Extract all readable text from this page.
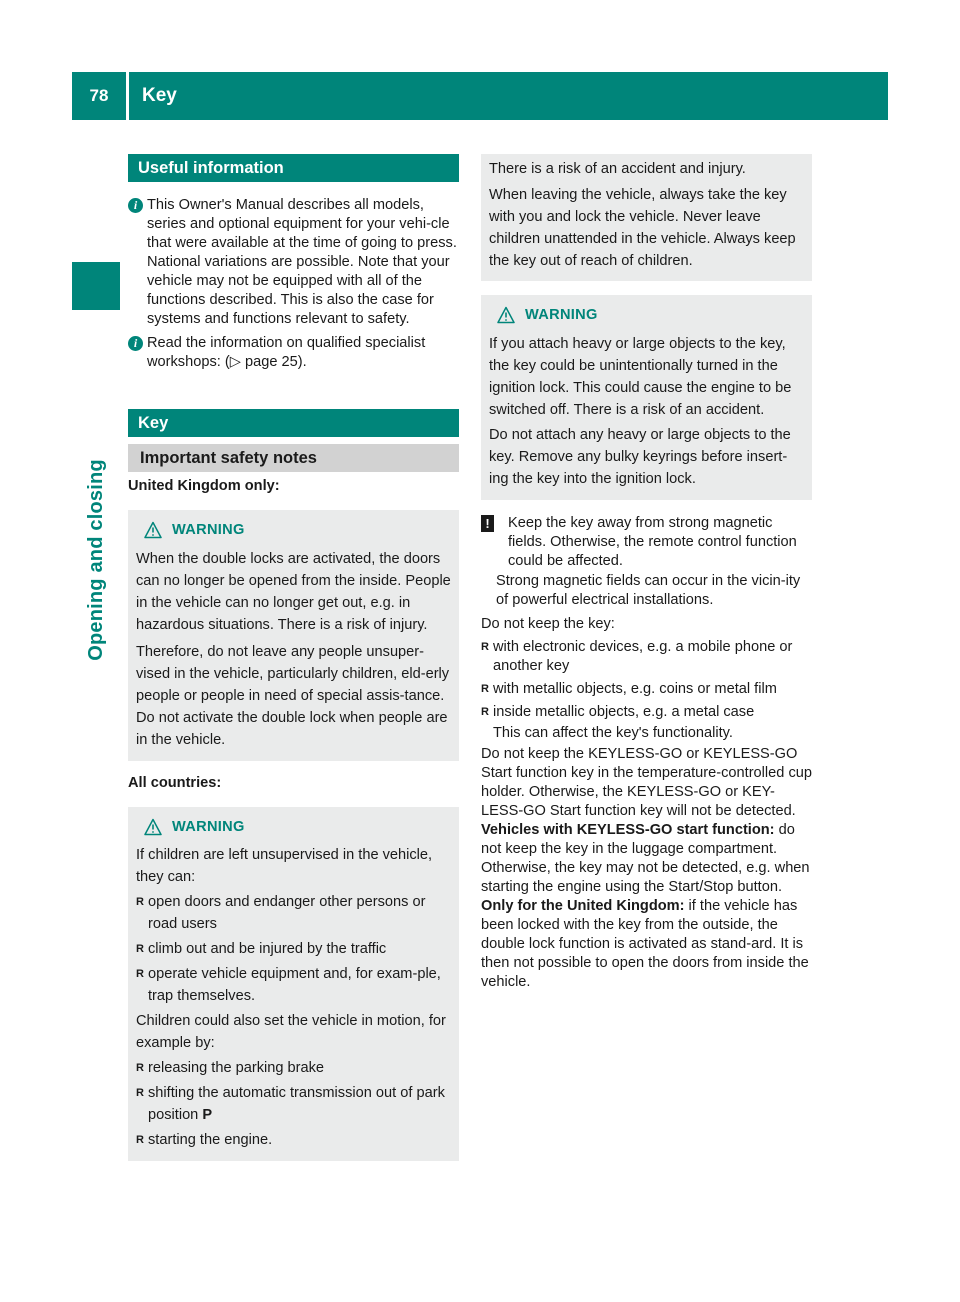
78	Key
Opening and closing
Useful information
i This Owner's Manual describes all models, series and optional equipment for your vehi-cle that were available at the time of going to press. National variations are possible. Note that your vehicle may not be equipped with all of the functions described. This is also the case for systems and functions relevant to safety.
i Read the information on qualified specialist workshops: (▷ page 25).
Key
Important safety notes
United Kingdom only:
WARNING
When the double locks are activated, the doors can no longer be opened from the inside. People in the vehicle can no longer get out, e.g. in hazardous situations. There is a risk of injury.
Therefore, do not leave any people unsuper-vised in the vehicle, particularly children, eld-erly people or people in need of special assis-tance. Do not activate the double lock when people are in the vehicle.
All countries:
WARNING
If children are left unsupervised in the vehicle, they can:
R open doors and endanger other persons or road users
R climb out and be injured by the traffic
R operate vehicle equipment and, for exam-ple, trap themselves.
Children could also set the vehicle in motion, for example by:
R releasing the parking brake
R shifting the automatic transmission out of park position P
R starting the engine.
There is a risk of an accident and injury.
When leaving the vehicle, always take the key with you and lock the vehicle. Never leave children unattended in the vehicle. Always keep the key out of reach of children.
WARNING
If you attach heavy or large objects to the key, the key could be unintentionally turned in the ignition lock. This could cause the engine to be switched off. There is a risk of an accident.
Do not attach any heavy or large objects to the key. Remove any bulky keyrings before insert-ing the key into the ignition lock.
! Keep the key away from strong magnetic fields. Otherwise, the remote control function could be affected.
Strong magnetic fields can occur in the vicin-ity of powerful electrical installations.
Do not keep the key:
R with electronic devices, e.g. a mobile phone or another key
R with metallic objects, e.g. coins or metal film
R inside metallic objects, e.g. a metal case
This can affect the key's functionality.
Do not keep the KEYLESS-GO or KEYLESS-GO Start function key in the temperature-controlled cup holder. Otherwise, the KEYLESS-GO or KEY-LESS-GO Start function key will not be detected.
Vehicles with KEYLESS-GO start function: do not keep the key in the luggage compartment. Otherwise, the key may not be detected, e.g. when starting the engine using the Start/Stop button.
Only for the United Kingdom: if the vehicle has been locked with the key from the outside, the double lock function is activated as stand-ard. It is then not possible to open the doors from inside the vehicle.
